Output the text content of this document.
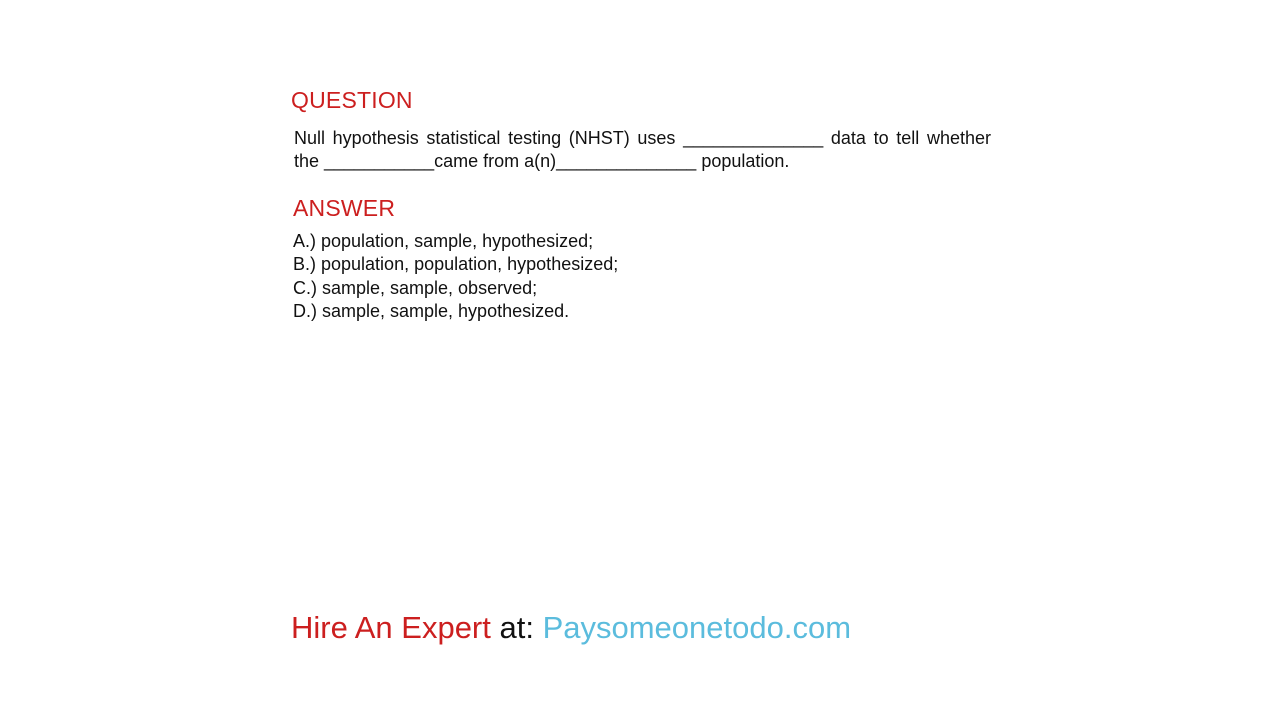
QUESTION
Null hypothesis statistical testing (NHST) uses ______________ data to tell whether the ___________came from a(n)______________ population.
ANSWER
A.) population, sample, hypothesized;
B.) population, population, hypothesized;
C.) sample, sample, observed;
D.) sample, sample, hypothesized.
Hire An Expert at: Paysomeonetodo.com
